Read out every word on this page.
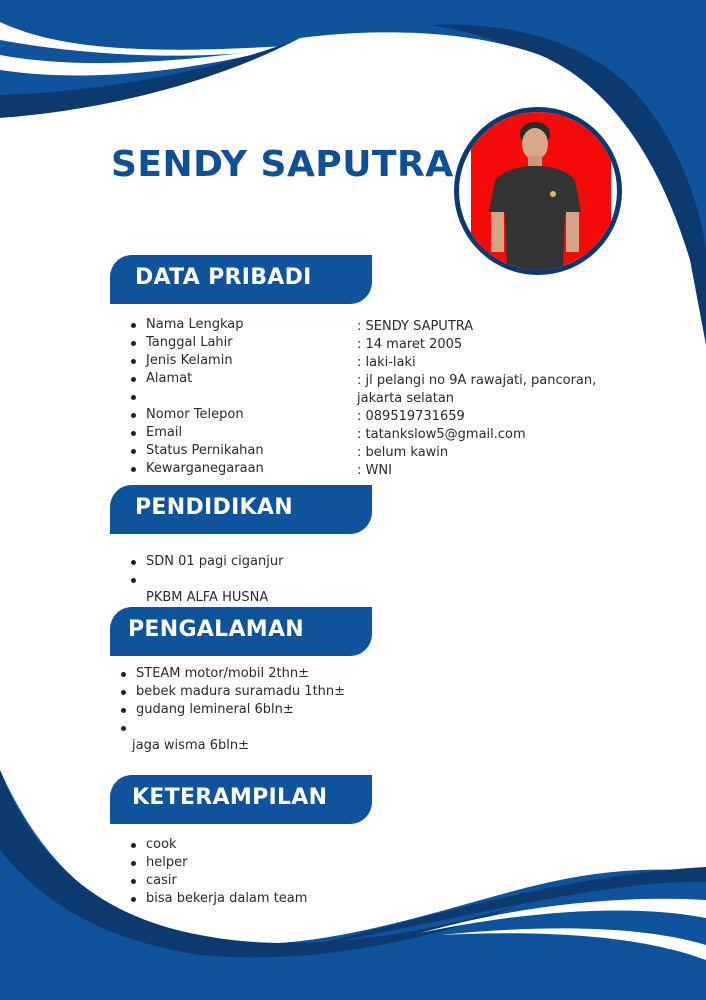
SENDY SAPUTRA
DATA PRIBADI
Nama Lengkap
Tanggal Lahir
Jenis Kelamin
Alamat
Nomor Telepon
Email
Status Pernikahan
Kewarganegaraan
: SENDY SAPUTRA
: 14 maret 2005
: laki-laki
: jl pelangi no 9A rawajati, pancoran,
jakarta selatan
: 089519731659
: tatankslow5@gmail.com
: belum kawin
: WNI
PENDIDIKAN
SDN 01 pagi ciganjur
PKBM ALFA HUSNA
PENGALAMAN
STEAM motor/mobil 2thn±
bebek madura suramadu 1thn±
gudang lemineral 6bln±
jaga wisma 6bln±
KETERAMPILAN
cook
helper
casir
bisa bekerja dalam team
